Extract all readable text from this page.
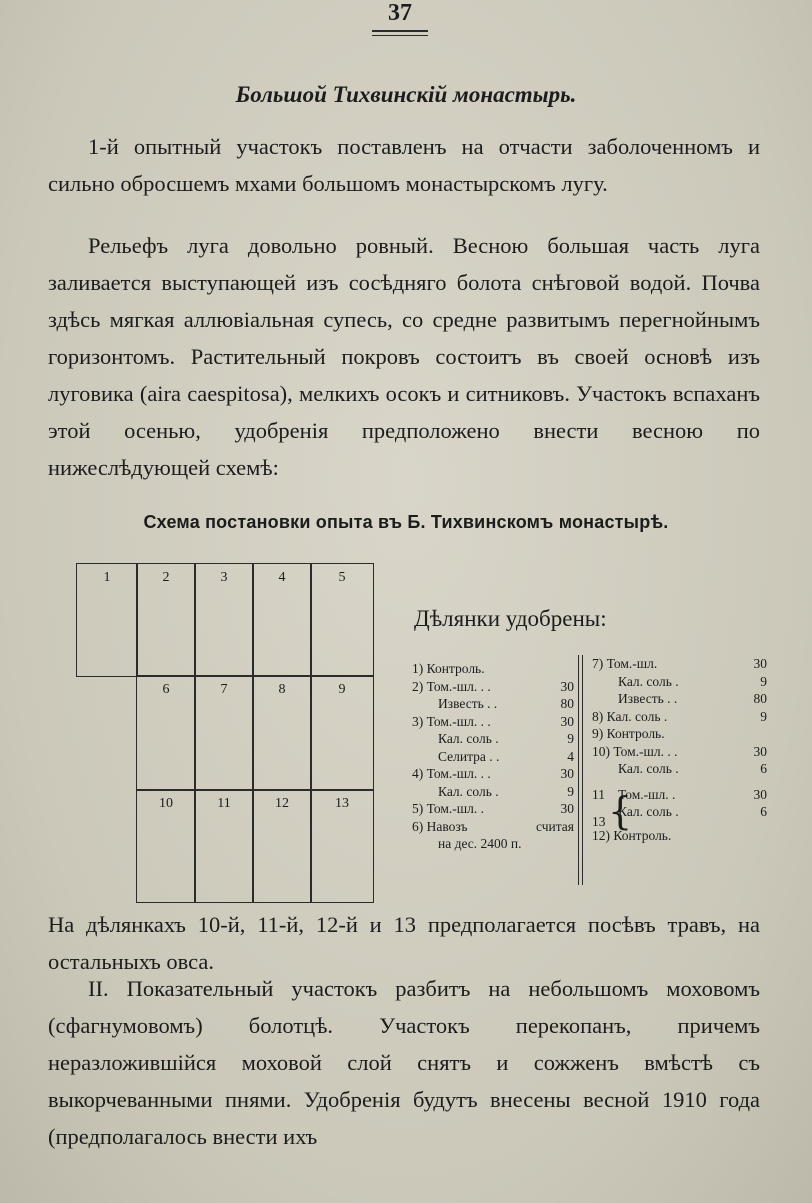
37
Большой Тихвинскій монастырь.
1-й опытный участокъ поставленъ на отчасти заболоченномъ и сильно обросшемъ мхами большомъ монастырскомъ лугу.
Рельефъ луга довольно ровный. Весною большая часть луга заливается выступающей изъ сосѣдняго болота снѣговой водой. Почва здѣсь мягкая аллювіальная супесь, со средне развитымъ перегнойнымъ горизонтомъ. Растительный покровъ состоитъ въ своей основѣ изъ луговика (aira caespitosa), мелкихъ осокъ и ситниковъ. Участокъ вспаханъ этой осенью, удобренія предположено внести весною по нижеслѣдующей схемѣ:
Схема постановки опыта въ Б. Тихвинскомъ монастырѣ.
1	2	3	4	5
6	7	8	9
10	11	12	13
Дѣлянки удобрены:
1) Контроль.
2) Том.-шл. . .	30
Известь . .	80
3) Том.-шл. . .	30
Кал. соль .	9
Селитра . .	4
4) Том.-шл. . .	30
Кал. соль .	9
5) Том.-шл. .	30
6) Навозъ	считая
на дес. 2400 п.
7) Том.-шл.	30
Кал. соль .	9
Известь . .	80
8) Кал. соль .	9
9) Контроль.
10) Том.-шл. . .	30
Кал. соль .	6
11 Том.-шл. .	30
Кал. соль .	6
13
12) Контроль.
{
На дѣлянкахъ 10-й, 11-й, 12-й и 13 предполагается посѣвъ травъ, на остальныхъ овса.
II. Показательный участокъ разбитъ на небольшомъ моховомъ (сфагнумовомъ) болотцѣ. Участокъ перекопанъ, причемъ неразложившійся моховой слой снятъ и сожженъ вмѣстѣ съ выкорчеванными пнями. Удобренія будутъ внесены весной 1910 года (предполагалось внести ихъ
